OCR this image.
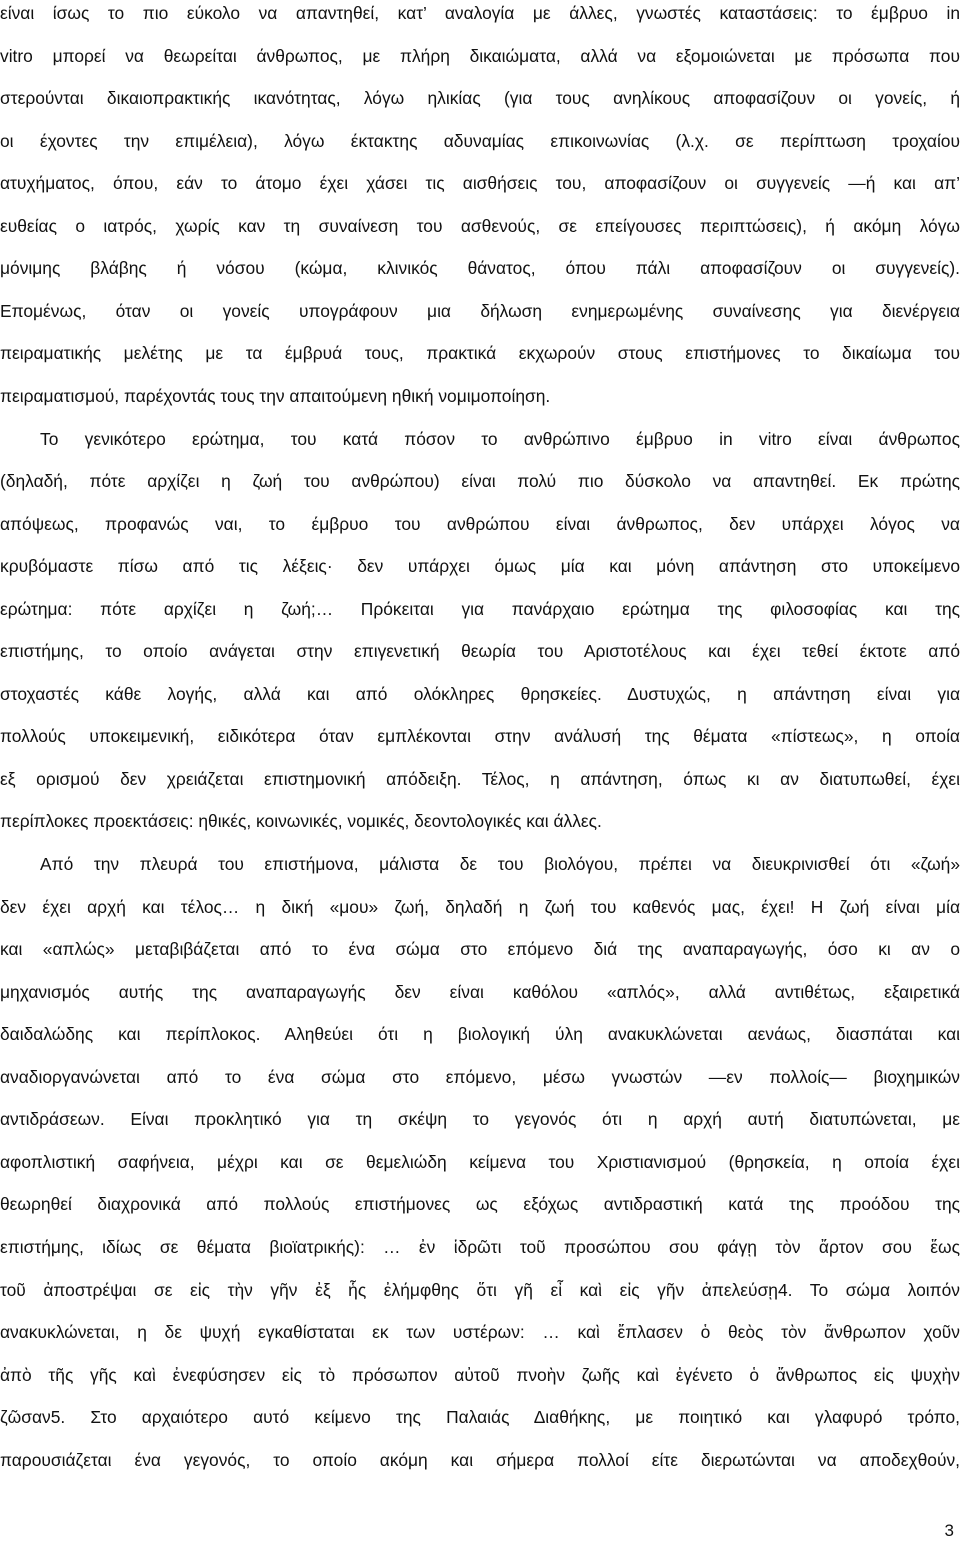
είναι ίσως το πιο εύκολο να απαντηθεί, κατ’ αναλογία με άλλες, γνωστές καταστάσεις: το έμβρυο in
vitro μπορεί να θεωρείται άνθρωπος, με πλήρη δικαιώματα, αλλά να εξομοιώνεται με πρόσωπα που
στερούνται δικαιοπρακτικής ικανότητας, λόγω ηλικίας (για τους ανηλίκους αποφασίζουν οι γονείς, ή
οι έχοντες την επιμέλεια), λόγω έκτακτης αδυναμίας επικοινωνίας (λ.χ. σε περίπτωση τροχαίου
ατυχήματος, όπου, εάν το άτομο έχει χάσει τις αισθήσεις του, αποφασίζουν οι συγγενείς —ή και απ’
ευθείας ο ιατρός, χωρίς καν τη συναίνεση του ασθενούς, σε επείγουσες περιπτώσεις), ή ακόμη λόγω
μόνιμης βλάβης ή νόσου (κώμα, κλινικός θάνατος, όπου πάλι αποφασίζουν οι συγγενείς).
Επομένως, όταν οι γονείς υπογράφουν μια δήλωση ενημερωμένης συναίνεσης για διενέργεια
πειραματικής μελέτης με τα έμβρυά τους, πρακτικά εκχωρούν στους επιστήμονες το δικαίωμα του
πειραματισμού, παρέχοντάς τους την απαιτούμενη ηθική νομιμοποίηση.
Το γενικότερο ερώτημα, του κατά πόσον το ανθρώπινο έμβρυο in vitro είναι άνθρωπος
(δηλαδή, πότε αρχίζει η ζωή του ανθρώπου) είναι πολύ πιο δύσκολο να απαντηθεί. Εκ πρώτης
απόψεως, προφανώς ναι, το έμβρυο του ανθρώπου είναι άνθρωπος, δεν υπάρχει λόγος να
κρυβόμαστε πίσω από τις λέξεις· δεν υπάρχει όμως μία και μόνη απάντηση στο υποκείμενο
ερώτημα: πότε αρχίζει η ζωή;… Πρόκειται για πανάρχαιο ερώτημα της φιλοσοφίας και της
επιστήμης, το οποίο ανάγεται στην επιγενετική θεωρία του Αριστοτέλους και έχει τεθεί έκτοτε από
στοχαστές κάθε λογής, αλλά και από ολόκληρες θρησκείες. Δυστυχώς, η απάντηση είναι για
πολλούς υποκειμενική, ειδικότερα όταν εμπλέκονται στην ανάλυσή της θέματα «πίστεως», η οποία
εξ ορισμού δεν χρειάζεται επιστημονική απόδειξη. Τέλος, η απάντηση, όπως κι αν διατυπωθεί, έχει
περίπλοκες προεκτάσεις: ηθικές, κοινωνικές, νομικές, δεοντολογικές και άλλες.
Από την πλευρά του επιστήμονα, μάλιστα δε του βιολόγου, πρέπει να διευκρινισθεί ότι «ζωή»
δεν έχει αρχή και τέλος… η δική «μου» ζωή, δηλαδή η ζωή του καθενός μας, έχει! Η ζωή είναι μία
και «απλώς» μεταβιβάζεται από το ένα σώμα στο επόμενο διά της αναπαραγωγής, όσο κι αν ο
μηχανισμός αυτής της αναπαραγωγής δεν είναι καθόλου «απλός», αλλά αντιθέτως, εξαιρετικά
δαιδαλώδης και περίπλοκος. Αληθεύει ότι η βιολογική ύλη ανακυκλώνεται αενάως, διασπάται και
αναδιοργανώνεται από το ένα σώμα στο επόμενο, μέσω γνωστών —εν πολλοίς— βιοχημικών
αντιδράσεων. Είναι προκλητικό για τη σκέψη το γεγονός ότι η αρχή αυτή διατυπώνεται, με
αφοπλιστική σαφήνεια, μέχρι και σε θεμελιώδη κείμενα του Χριστιανισμού (θρησκεία, η οποία έχει
θεωρηθεί διαχρονικά από πολλούς επιστήμονες ως εξόχως αντιδραστική κατά της προόδου της
επιστήμης, ιδίως σε θέματα βιοϊατρικής): … ἐν ἱδρῶτι τοῦ προσώπου σου φάγῃ τὸν ἄρτον σου ἕως
τοῦ ἀποστρέψαι σε εἰς τὴν γῆν ἐξ ἧς ἐλήμφθης ὅτι γῆ εἶ καὶ εἰς γῆν ἀπελεύσῃ4. Το σώμα λοιπόν
ανακυκλώνεται, η δε ψυχή εγκαθίσταται εκ των υστέρων: … καὶ ἔπλασεν ὁ θεὸς τὸν ἄνθρωπον χοῦν
ἀπὸ τῆς γῆς καὶ ἐνεφύσησεν εἰς τὸ πρόσωπον αὐτοῦ πνοὴν ζωῆς καὶ ἐγένετο ὁ ἄνθρωπος εἰς ψυχὴν
ζῶσαν5. Στο αρχαιότερο αυτό κείμενο της Παλαιάς Διαθήκης, με ποιητικό και γλαφυρό τρόπο,
παρουσιάζεται ένα γεγονός, το οποίο ακόμη και σήμερα πολλοί είτε διερωτώνται να αποδεχθούν,
3
